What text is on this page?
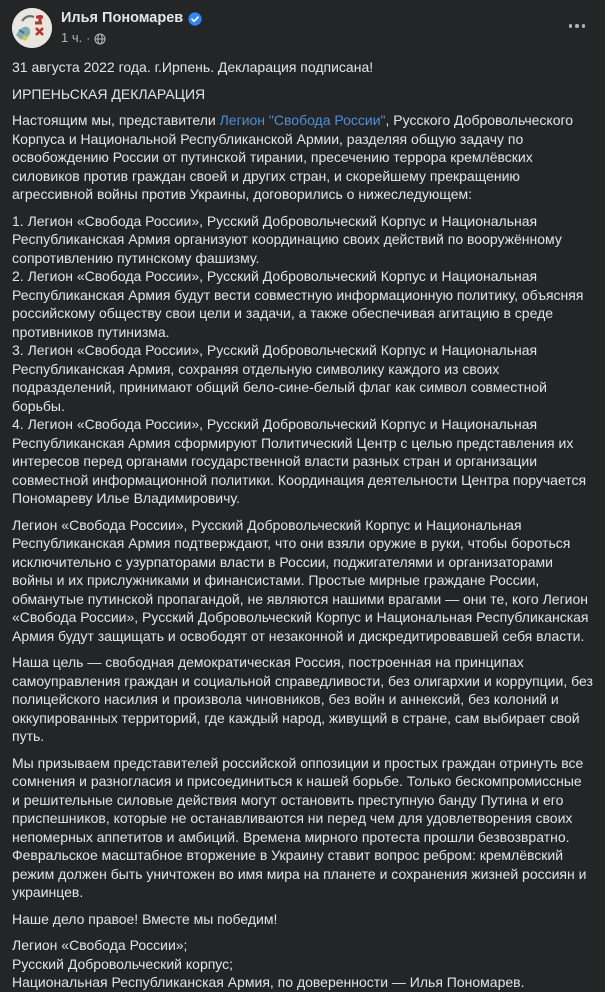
Илья Пономарев
1 ч. ·

31 августа 2022 года. г.Ирпень. Декларация подписана!

ИРПЕНЬСКАЯ ДЕКЛАРАЦИЯ

Настоящим мы, представители Легион "Свобода России", Русского Добровольческого Корпуса и Национальной Республиканской Армии, разделяя общую задачу по освобождению России от путинской тирании, пресечению террора кремлёвских силовиков против граждан своей и других стран, и скорейшему прекращению агрессивной войны против Украины, договорились о нижеследующем:

1. Легион «Свобода России», Русский Добровольческий Корпус и Национальная Республиканская Армия организуют координацию своих действий по вооружённому сопротивлению путинскому фашизму.
2. Легион «Свобода России», Русский Добровольческий Корпус и Национальная Республиканская Армия будут вести совместную информационную политику, объясняя российскому обществу свои цели и задачи, а также обеспечивая агитацию в среде противников путинизма.
3. Легион «Свобода России», Русский Добровольческий Корпус и Национальная Республиканская Армия, сохраняя отдельную символику каждого из своих подразделений, принимают общий бело-сине-белый флаг как символ совместной борьбы.
4. Легион «Свобода России», Русский Добровольческий Корпус и Национальная Республиканская Армия сформируют Политический Центр с целью представления их интересов перед органами государственной власти разных стран и организации совместной информационной политики. Координация деятельности Центра поручается Пономареву Илье Владимировичу.

Легион «Свобода России», Русский Добровольческий Корпус и Национальная Республиканская Армия подтверждают, что они взяли оружие в руки, чтобы бороться исключительно с узурпаторами власти в России, поджигателями и организаторами войны и их прислужниками и финансистами. Простые мирные граждане России, обманутые путинской пропагандой, не являются нашими врагами — они те, кого Легион «Свобода России», Русский Добровольческий Корпус и Национальная Республиканская Армия будут защищать и освободят от незаконной и дискредитировавшей себя власти.

Наша цель — свободная демократическая Россия, построенная на принципах самоуправления граждан и социальной справедливости, без олигархии и коррупции, без полицейского насилия и произвола чиновников, без войн и аннексий, без колоний и оккупированных территорий, где каждый народ, живущий в стране, сам выбирает свой путь.

Мы призываем представителей российской оппозиции и простых граждан отринуть все сомнения и разногласия и присоединиться к нашей борьбе. Только бескомпромиссные и решительные силовые действия могут остановить преступную банду Путина и его приспешников, которые не останавливаются ни перед чем для удовлетворения своих непомерных аппетитов и амбиций. Времена мирного протеста прошли безвозвратно. Февральское масштабное вторжение в Украину ставит вопрос ребром: кремлёвский режим должен быть уничтожен во имя мира на планете и сохранения жизней россиян и украинцев.

Наше дело правое! Вместе мы победим!

Легион «Свобода России»;
Русский Добровольческий корпус;
Национальная Республиканская Армия, по доверенности — Илья Пономарев.
